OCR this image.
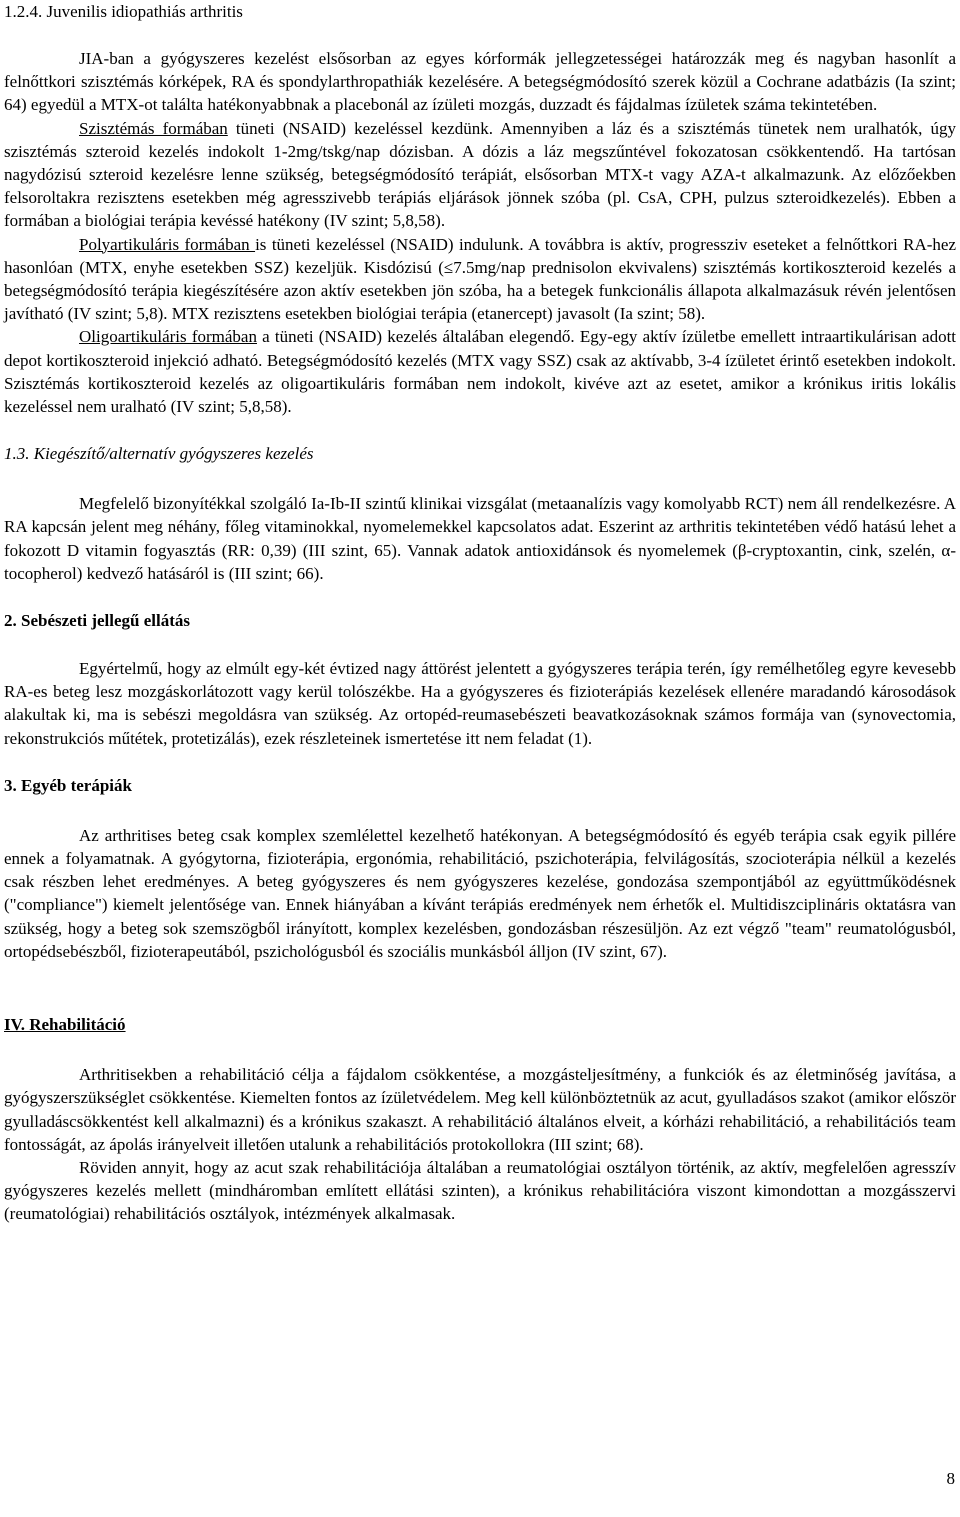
1.2.4. Juvenilis idiopathiás arthritis

JIA-ban a gyógyszeres kezelést elsősorban az egyes kórformák jellegzetességei határozzák meg és nagyban hasonlít a felnőttkori szisztémás kórképek, RA és spondylarthropathiák kezelésére. A betegségmódosító szerek közül a Cochrane adatbázis (Ia szint; 64) egyedül a MTX-ot találta hatékonyabbnak a placebonál az ízületi mozgás, duzzadt és fájdalmas ízületek száma tekintetében.

Szisztémás formában tüneti (NSAID) kezeléssel kezdünk. Amennyiben a láz és a szisztémás tünetek nem uralhatók, úgy szisztémás szteroid kezelés indokolt 1-2mg/tskg/nap dózisban. A dózis a láz megszűntével fokozatosan csökkentendő. Ha tartósan nagydózisú szteroid kezelésre lenne szükség, betegségmódosító terápiát, elsősorban MTX-t vagy AZA-t alkalmazunk. Az előzőekben felsoroltakra rezisztens esetekben még agresszivebb terápiás eljárások jönnek szóba (pl. CsA, CPH, pulzus szteroidkezelés). Ebben a formában a biológiai terápia kevéssé hatékony (IV szint; 5,8,58).

Polyartikuláris formában is tüneti kezeléssel (NSAID) indulunk. A továbbra is aktív, progressziv eseteket a felnőttkori RA-hez hasonlóan (MTX, enyhe esetekben SSZ) kezeljük. Kisdózisú (≤7.5mg/nap prednisolon ekvivalens) szisztémás kortikoszteroid kezelés a betegségmódosító terápia kiegészítésére azon aktív esetekben jön szóba, ha a betegek funkcionális állapota alkalmazásuk révén jelentősen javítható (IV szint; 5,8). MTX rezisztens esetekben biológiai terápia (etanercept) javasolt (Ia szint; 58).

Oligoartikuláris formában a tüneti (NSAID) kezelés általában elegendő. Egy-egy aktív ízületbe emellett intraartikulárisan adott depot kortikoszteroid injekció adható. Betegségmódosító kezelés (MTX vagy SSZ) csak az aktívabb, 3-4 ízületet érintő esetekben indokolt. Szisztémás kortikoszteroid kezelés az oligoartikuláris formában nem indokolt, kivéve azt az esetet, amikor a krónikus iritis lokális kezeléssel nem uralható (IV szint; 5,8,58).

1.3. Kiegészítő/alternatív gyógyszeres kezelés

Megfelelő bizonyítékkal szolgáló Ia-Ib-II szintű klinikai vizsgálat (metaanalízis vagy komolyabb RCT) nem áll rendelkezésre. A RA kapcsán jelent meg néhány, főleg vitaminokkal, nyomelemekkel kapcsolatos adat. Eszerint az arthritis tekintetében védő hatású lehet a fokozott D vitamin fogyasztás (RR: 0,39) (III szint, 65). Vannak adatok antioxidánsok és nyomelemek (β-cryptoxantin, cink, szelén, α-tocopherol) kedvező hatásáról is (III szint; 66).

2. Sebészeti jellegű ellátás

Egyértelmű, hogy az elmúlt egy-két évtized nagy áttörést jelentett a gyógyszeres terápia terén, így remélhetőleg egyre kevesebb RA-es beteg lesz mozgáskorlátozott vagy kerül tolószékbe. Ha a gyógyszeres és fizioterápiás kezelések ellenére maradandó károsodások alakultak ki, ma is sebészi megoldásra van szükség. Az ortopéd-reumasebészeti beavatkozásoknak számos formája van (synovectomia, rekonstrukciós műtétek, protetizálás), ezek részleteinek ismertetése itt nem feladat (1).

3. Egyéb terápiák

Az arthritises beteg csak komplex szemlélettel kezelhető hatékonyan. A betegségmódosító és egyéb terápia csak egyik pillére ennek a folyamatnak. A gyógytorna, fizioterápia, ergonómia, rehabilitáció, pszichoterápia, felvilágosítás, szocioterápia nélkül a kezelés csak részben lehet eredményes. A beteg gyógyszeres és nem gyógyszeres kezelése, gondozása szempontjából az együttműködésnek ("compliance") kiemelt jelentősége van. Ennek hiányában a kívánt terápiás eredmények nem érhetők el. Multidiszciplináris oktatásra van szükség, hogy a beteg sok szemszögből irányított, komplex kezelésben, gondozásban részesüljön. Az ezt végző "team" reumatológusból, ortopédsebészből, fizioterapeutából, pszichológusból és szociális munkásból álljon (IV szint, 67).

IV. Rehabilitáció

Arthritisekben a rehabilitáció célja a fájdalom csökkentése, a mozgásteljesítmény, a funkciók és az életminőség javítása, a gyógyszerszükséglet csökkentése. Kiemelten fontos az ízületvédelem. Meg kell különböztetnük az acut, gyulladásos szakot (amikor először gyulladáscsökkentést kell alkalmazni) és a krónikus szakaszt. A rehabilitáció általános elveit, a kórházi rehabilitáció, a rehabilitációs team fontosságát, az ápolás irányelveit illetően utalunk a rehabilitációs protokollokra (III szint; 68).

Röviden annyit, hogy az acut szak rehabilitációja általában a reumatológiai osztályon történik, az aktív, megfelelően agresszív gyógyszeres kezelés mellett (mindháromban említett ellátási szinten), a krónikus rehabilitációra viszont kimondottan a mozgásszervi (reumatológiai) rehabilitációs osztályok, intézmények alkalmasak.

8
